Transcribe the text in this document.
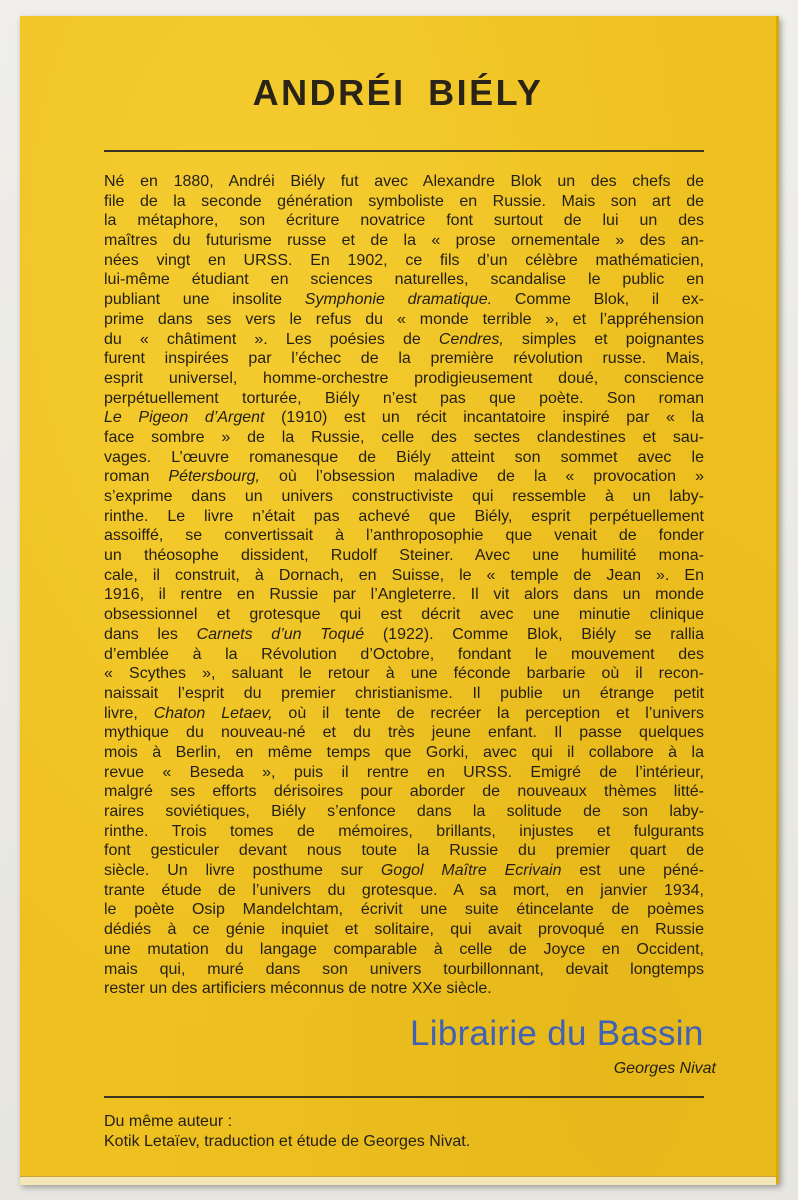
ANDRÉI BIÉLY
Né en 1880, Andréi Biély fut avec Alexandre Blok un des chefs de
file de la seconde génération symboliste en Russie. Mais son art de
la métaphore, son écriture novatrice font surtout de lui un des
maîtres du futurisme russe et de la « prose ornementale » des an-
nées vingt en URSS. En 1902, ce fils d’un célèbre mathématicien,
lui-même étudiant en sciences naturelles, scandalise le public en
publiant une insolite Symphonie dramatique. Comme Blok, il ex-
prime dans ses vers le refus du « monde terrible », et l’appréhension
du « châtiment ». Les poésies de Cendres, simples et poignantes
furent inspirées par l’échec de la première révolution russe. Mais,
esprit universel, homme-orchestre prodigieusement doué, conscience
perpétuellement torturée, Biély n’est pas que poète. Son roman
Le Pigeon d’Argent (1910) est un récit incantatoire inspiré par « la
face sombre » de la Russie, celle des sectes clandestines et sau-
vages. L’œuvre romanesque de Biély atteint son sommet avec le
roman Pétersbourg, où l’obsession maladive de la « provocation »
s’exprime dans un univers constructiviste qui ressemble à un laby-
rinthe. Le livre n’était pas achevé que Biély, esprit perpétuellement
assoiffé, se convertissait à l’anthroposophie que venait de fonder
un théosophe dissident, Rudolf Steiner. Avec une humilité mona-
cale, il construit, à Dornach, en Suisse, le « temple de Jean ». En
1916, il rentre en Russie par l’Angleterre. Il vit alors dans un monde
obsessionnel et grotesque qui est décrit avec une minutie clinique
dans les Carnets d’un Toqué (1922). Comme Blok, Biély se rallia
d’emblée à la Révolution d’Octobre, fondant le mouvement des
« Scythes », saluant le retour à une féconde barbarie où il recon-
naissait l’esprit du premier christianisme. Il publie un étrange petit
livre, Chaton Letaev, où il tente de recréer la perception et l’univers
mythique du nouveau-né et du très jeune enfant. Il passe quelques
mois à Berlin, en même temps que Gorki, avec qui il collabore à la
revue « Beseda », puis il rentre en URSS. Emigré de l’intérieur,
malgré ses efforts dérisoires pour aborder de nouveaux thèmes litté-
raires soviétiques, Biély s’enfonce dans la solitude de son laby-
rinthe. Trois tomes de mémoires, brillants, injustes et fulgurants
font gesticuler devant nous toute la Russie du premier quart de
siècle. Un livre posthume sur Gogol Maître Ecrivain est une péné-
trante étude de l’univers du grotesque. A sa mort, en janvier 1934,
le poète Osip Mandelchtam, écrivit une suite étincelante de poèmes
dédiés à ce génie inquiet et solitaire, qui avait provoqué en Russie
une mutation du langage comparable à celle de Joyce en Occident,
mais qui, muré dans son univers tourbillonnant, devait longtemps
rester un des artificiers méconnus de notre XXe siècle.
Librairie du Bassin
Georges Nivat
Du même auteur :
Kotik Letaïev, traduction et étude de Georges Nivat.
